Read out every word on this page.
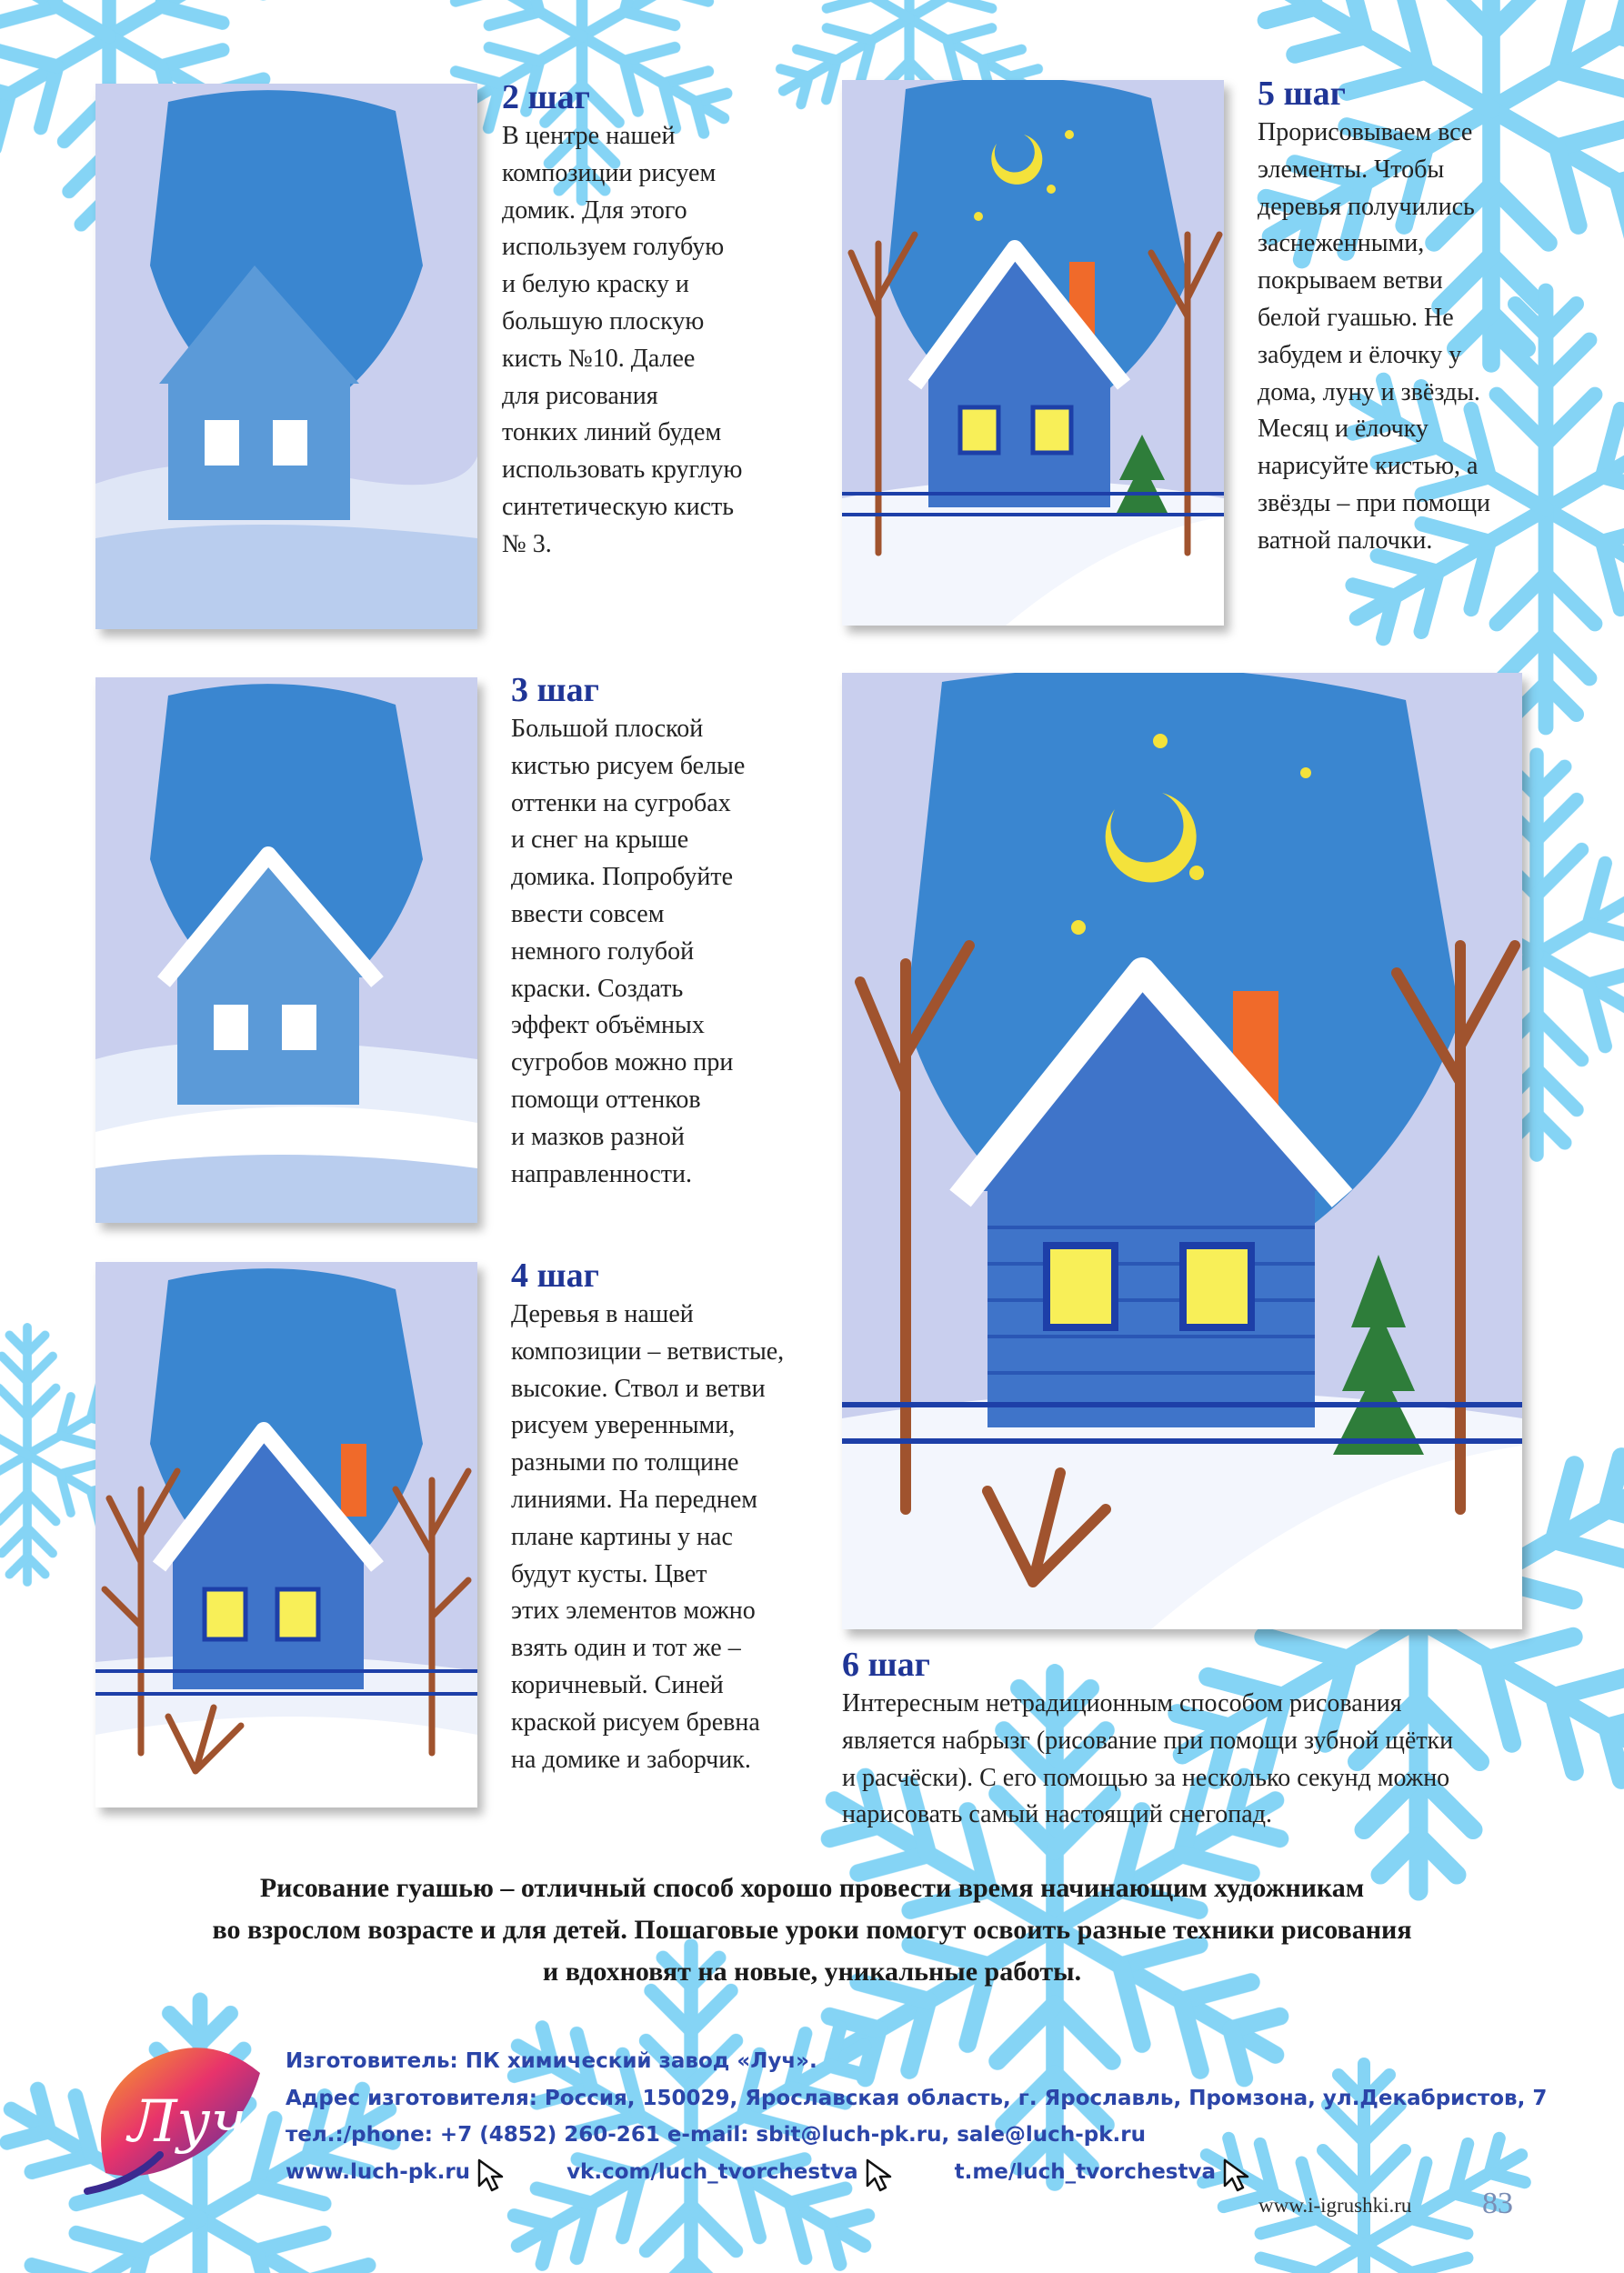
2 шаг

В центре нашей
композиции рисуем
домик. Для этого
используем голубую
и белую краску и
большую плоскую
кисть №10. Далее
для рисования
тонких линий будем
использовать круглую
синтетическую кисть
№ 3.

3 шаг

Большой плоской
кистью рисуем белые
оттенки на сугробах
и снег на крыше
домика. Попробуйте
ввести совсем
немного голубой
краски. Создать
эффект объёмных
сугробов можно при
помощи оттенков
и мазков разной
направленности.

4 шаг

Деревья в нашей
композиции – ветвистые,
высокие. Ствол и ветви
рисуем уверенными,
разными по толщине
линиями. На переднем
плане картины у нас
будут кусты. Цвет
этих элементов можно
взять один и тот же –
коричневый. Синей
краской рисуем бревна
на домике и заборчик.

5 шаг

Прорисовываем все
элементы. Чтобы
деревья получились
заснеженными,
покрываем ветви
белой гуашью. Не
забудем и ёлочку у
дома, луну и звёзды.
Месяц и ёлочку
нарисуйте кистью, а
звёзды – при помощи
ватной палочки.

6 шаг

Интересным нетрадиционным способом рисования
является набрызг (рисование при помощи зубной щётки
и расчёски). С его помощью за несколько секунд можно
нарисовать самый настоящий снегопад.

Рисование гуашью – отличный способ хорошо провести время начинающим художникам
во взрослом возрасте и для детей. Пошаговые уроки помогут освоить разные техники рисования
и вдохновят на новые, уникальные работы.
Луч
Изготовитель: ПК химический завод «Луч».
Адрес изготовителя: Россия, 150029, Ярославская область, г. Ярославль, Промзона, ул.Декабристов, 7
тел.:/phone: +7 (4852) 260-261 e-mail: sbit@luch-pk.ru, sale@luch-pk.ru
www.luch-pk.ru	vk.com/luch_tvorchestva	t.me/luch_tvorchestva
www.i-igrushki.ru 83
